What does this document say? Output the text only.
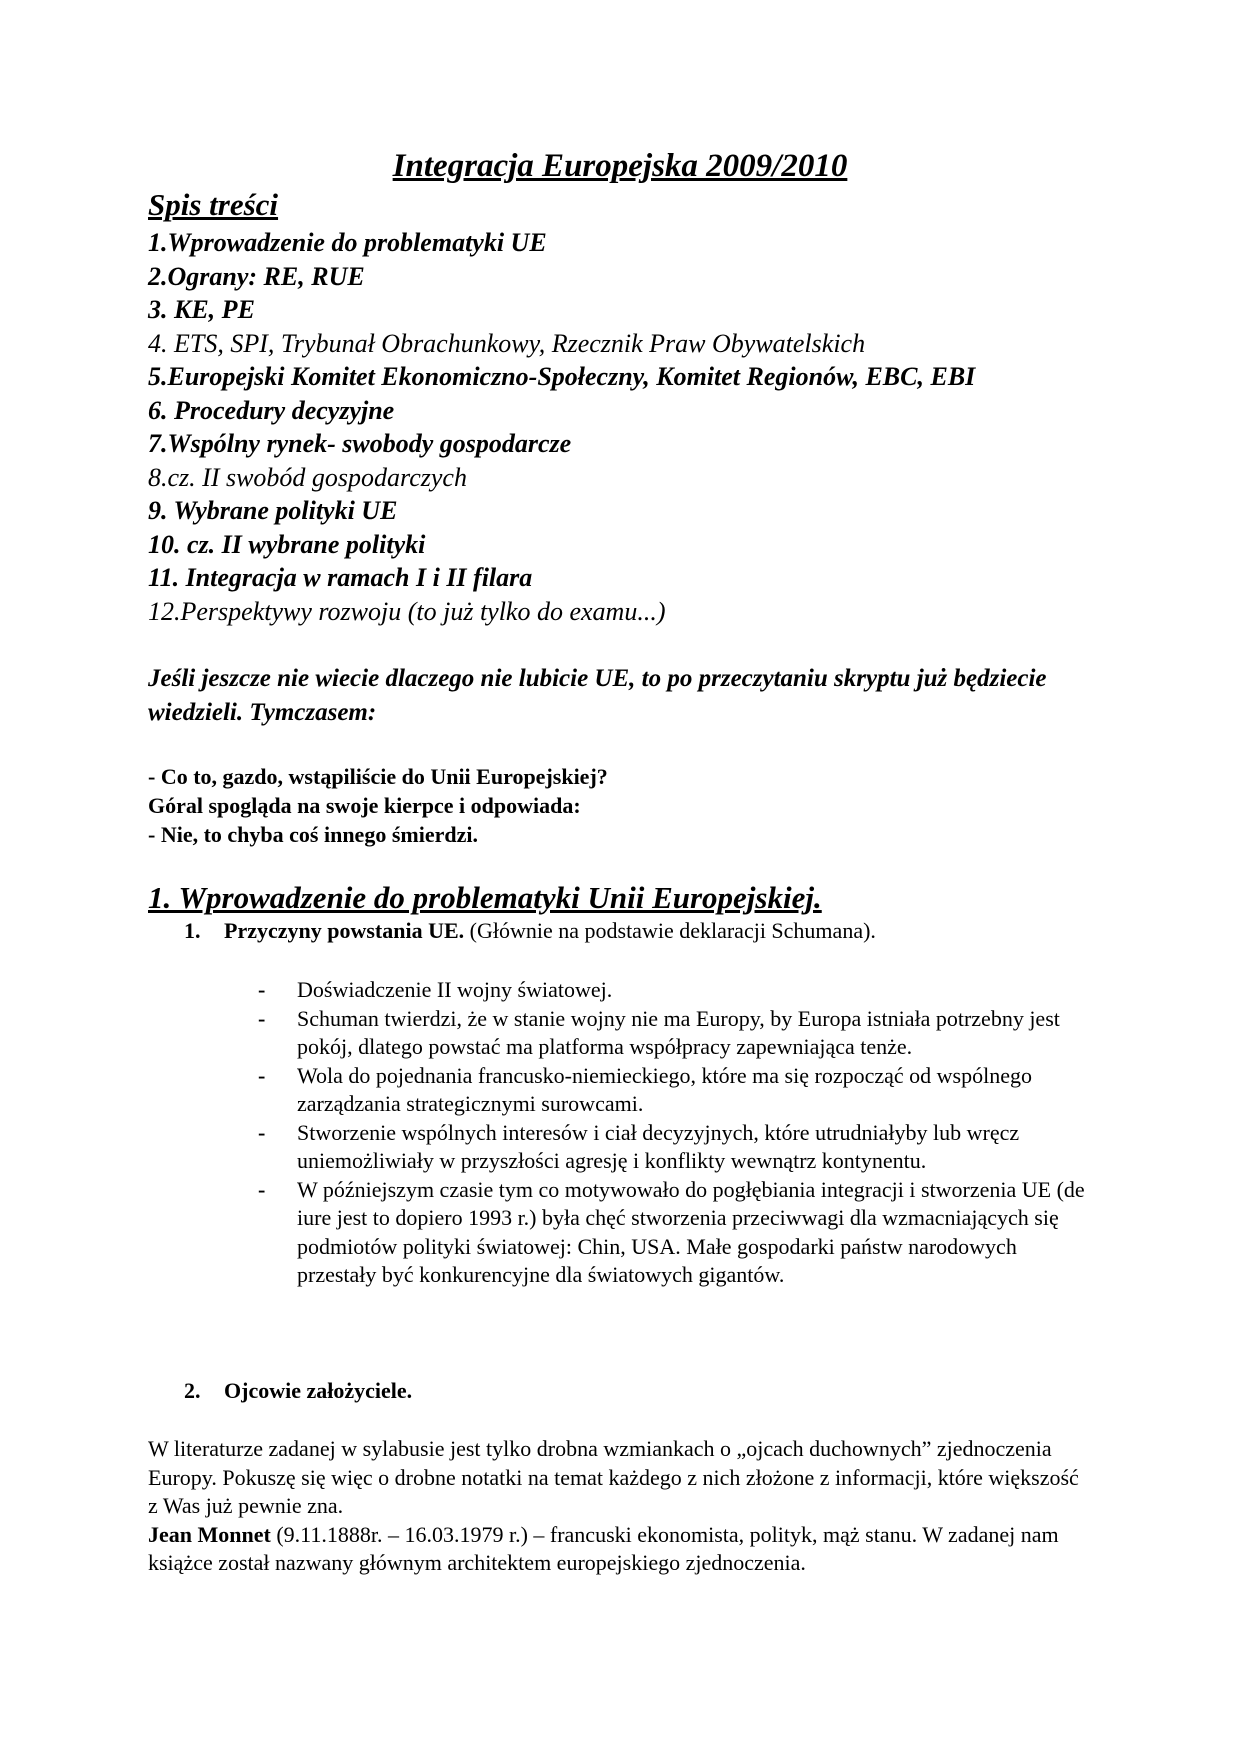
Integracja Europejska 2009/2010
Spis treści
1.Wprowadzenie do problematyki UE
2.Ograny: RE, RUE
3. KE, PE
4. ETS, SPI, Trybunał Obrachunkowy, Rzecznik Praw Obywatelskich
5.Europejski Komitet Ekonomiczno-Społeczny, Komitet Regionów, EBC, EBI
6. Procedury decyzyjne
7.Wspólny rynek- swobody gospodarcze
8.cz. II swobód gospodarczych
9. Wybrane polityki UE
10. cz. II wybrane polityki
11. Integracja w ramach I i II filara
12.Perspektywy rozwoju (to już tylko do examu...)
Jeśli jeszcze nie wiecie dlaczego nie lubicie UE, to po przeczytaniu skryptu już będziecie wiedzieli. Tymczasem:
- Co to, gazdo, wstąpiliście do Unii Europejskiej?
Góral spogląda na swoje kierpce i odpowiada:
- Nie, to chyba coś innego śmierdzi.
1. Wprowadzenie do problematyki Unii Europejskiej.
1. Przyczyny powstania UE. (Głównie na podstawie deklaracji Schumana).
- Doświadczenie II wojny światowej.
- Schuman twierdzi, że w stanie wojny nie ma Europy, by Europa istniała potrzebny jest pokój, dlatego powstać ma platforma współpracy zapewniająca tenże.
- Wola do pojednania francusko-niemieckiego, które ma się rozpocząć od wspólnego zarządzania strategicznymi surowcami.
- Stworzenie wspólnych interesów i ciał decyzyjnych, które utrudniałyby lub wręcz uniemożliwiały w przyszłości agresję i konflikty wewnątrz kontynentu.
- W późniejszym czasie tym co motywowało do pogłębiania integracji i stworzenia UE (de iure jest to dopiero 1993 r.) była chęć stworzenia przeciwwagi dla wzmacniających się podmiotów polityki światowej: Chin, USA. Małe gospodarki państw narodowych przestały być konkurencyjne dla światowych gigantów.
2. Ojcowie założyciele.
W literaturze zadanej w sylabusie jest tylko drobna wzmiankach o „ojcach duchownych” zjednoczenia Europy. Pokuszę się więc o drobne notatki na temat każdego z nich złożone z informacji, które większość z Was już pewnie zna.
Jean Monnet (9.11.1888r. – 16.03.1979 r.) – francuski ekonomista, polityk, mąż stanu. W zadanej nam książce został nazwany głównym architektem europejskiego zjednoczenia.
